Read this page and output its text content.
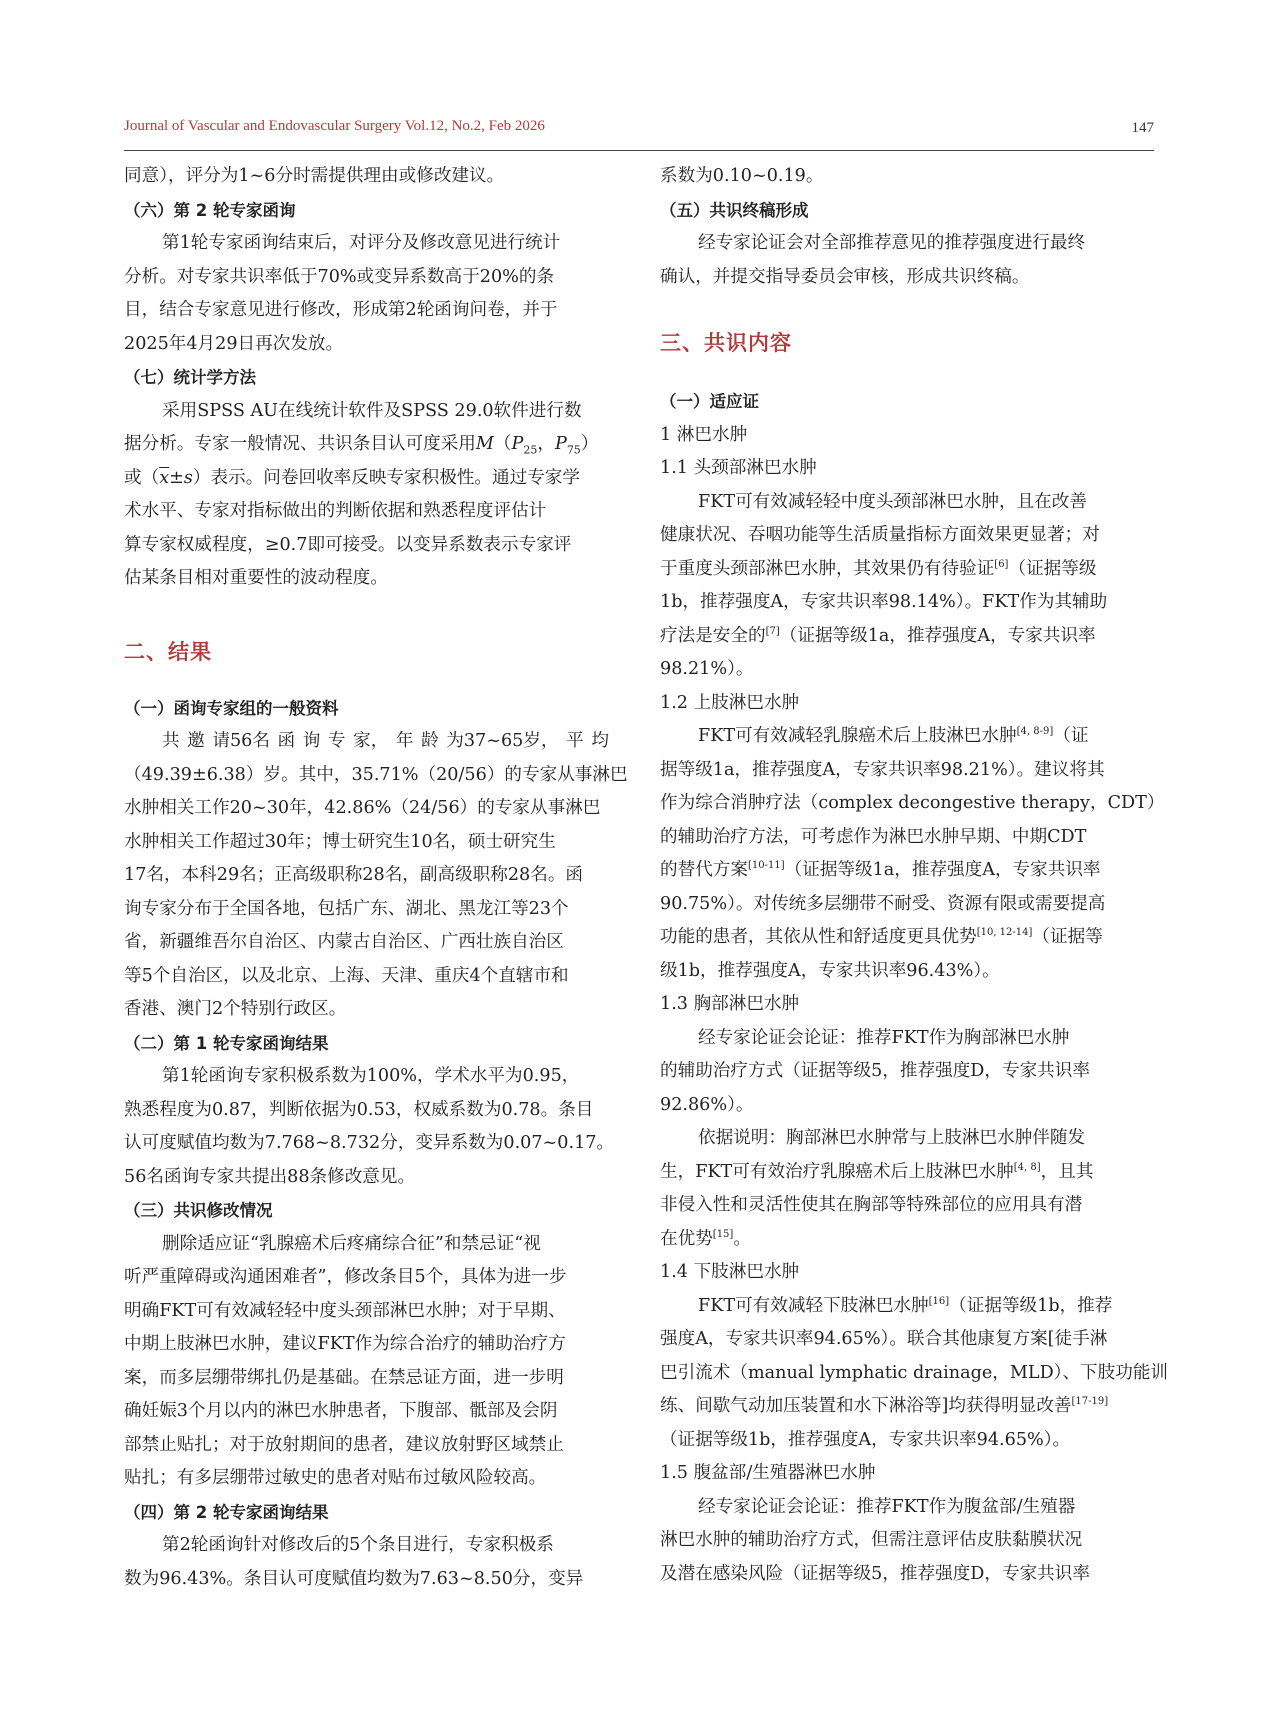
Journal of Vascular and Endovascular Surgery Vol.12, No.2, Feb 2026	147

同意），评分为1~6分时需提供理由或修改建议。

（六）第 2 轮专家函询

第1轮专家函询结束后，对评分及修改意见进行统计

分析。对专家共识率低于70%或变异系数高于20%的条

目，结合专家意见进行修改，形成第2轮函询问卷，并于

2025年4月29日再次发放。

（七）统计学方法

采用SPSS AU在线统计软件及SPSS 29.0软件进行数

据分析。专家一般情况、共识条目认可度采用$M(P_{25}$，$P_{75}$）

或$(\overline{x}\pm s)$表示。问卷回收率反映专家积极性。通过专家学

术水平、专家对指标做出的判断依据和熟悉程度评估计

算专家权威程度，≥0.7即可接受。以变异系数表示专家评

估某条目相对重要性的波动程度。

二、结果

（一）函询专家组的一般资料

共 邀 请56名 函 询 专 家， 年 龄 为37~65岁， 平 均

（49.39±6.38）岁。其中，35.71%（20/56）的专家从事淋巴

水肿相关工作20~30年，42.86%（24/56）的专家从事淋巴

水肿相关工作超过30年；博士研究生10名，硕士研究生

17名，本科29名；正高级职称28名，副高级职称28名。函

询专家分布于全国各地，包括广东、湖北、黑龙江等23个

省，新疆维吾尔自治区、内蒙古自治区、广西壮族自治区

等5个自治区，以及北京、上海、天津、重庆4个直辖市和

香港、澳门2个特别行政区。

（二）第 1 轮专家函询结果

第1轮函询专家积极系数为100%，学术水平为0.95，

熟悉程度为0.87，判断依据为0.53，权威系数为0.78。条目

认可度赋值均数为7.768~8.732分，变异系数为0.07~0.17。

56名函询专家共提出88条修改意见。

（三）共识修改情况

删除适应证“乳腺癌术后疼痛综合征”和禁忌证“视

听严重障碍或沟通困难者”，修改条目5个，具体为进一步

明确FKT可有效减轻轻中度头颈部淋巴水肿；对于早期、

中期上肢淋巴水肿，建议FKT作为综合治疗的辅助治疗方

案，而多层绷带绑扎仍是基础。在禁忌证方面，进一步明

确妊娠3个月以内的淋巴水肿患者，下腹部、骶部及会阴

部禁止贴扎；对于放射期间的患者，建议放射野区域禁止

贴扎；有多层绷带过敏史的患者对贴布过敏风险较高。

（四）第 2 轮专家函询结果

第2轮函询针对修改后的5个条目进行，专家积极系

数为96.43%。条目认可度赋值均数为7.63~8.50分，变异

系数为0.10~0.19。

（五）共识终稿形成

经专家论证会对全部推荐意见的推荐强度进行最终

确认，并提交指导委员会审核，形成共识终稿。

三、共识内容

（一）适应证

1 淋巴水肿

1.1 头颈部淋巴水肿

FKT可有效减轻轻中度头颈部淋巴水肿，且在改善

健康状况、吞咽功能等生活质量指标方面效果更显著；对

于重度头颈部淋巴水肿，其效果仍有待验证[6]（证据等级

1b，推荐强度A，专家共识率98.14%）。FKT作为其辅助

疗法是安全的[7]（证据等级1a，推荐强度A，专家共识率

98.21%）。

1.2 上肢淋巴水肿

FKT可有效减轻乳腺癌术后上肢淋巴水肿[4, 8-9]（证

据等级1a，推荐强度A，专家共识率98.21%）。建议将其

作为综合消肿疗法（complex decongestive therapy，CDT）

的辅助治疗方法，可考虑作为淋巴水肿早期、中期CDT

的替代方案[10-11]（证据等级1a，推荐强度A，专家共识率

90.75%）。对传统多层绷带不耐受、资源有限或需要提高

功能的患者，其依从性和舒适度更具优势[10, 12-14]（证据等

级1b，推荐强度A，专家共识率96.43%）。

1.3 胸部淋巴水肿

经专家论证会论证：推荐FKT作为胸部淋巴水肿

的辅助治疗方式（证据等级5，推荐强度D，专家共识率

92.86%）。

依据说明：胸部淋巴水肿常与上肢淋巴水肿伴随发

生，FKT可有效治疗乳腺癌术后上肢淋巴水肿[4, 8]，且其

非侵入性和灵活性使其在胸部等特殊部位的应用具有潜

在优势[15]。

1.4 下肢淋巴水肿

FKT可有效减轻下肢淋巴水肿[16]（证据等级1b，推荐

强度A，专家共识率94.65%）。联合其他康复方案[徒手淋

巴引流术（manual lymphatic drainage，MLD）、下肢功能训

练、间歇气动加压装置和水下淋浴等]均获得明显改善[17-19]

（证据等级1b，推荐强度A，专家共识率94.65%）。

1.5 腹盆部/生殖器淋巴水肿

经专家论证会论证：推荐FKT作为腹盆部/生殖器

淋巴水肿的辅助治疗方式，但需注意评估皮肤黏膜状况

及潜在感染风险（证据等级5，推荐强度D，专家共识率
